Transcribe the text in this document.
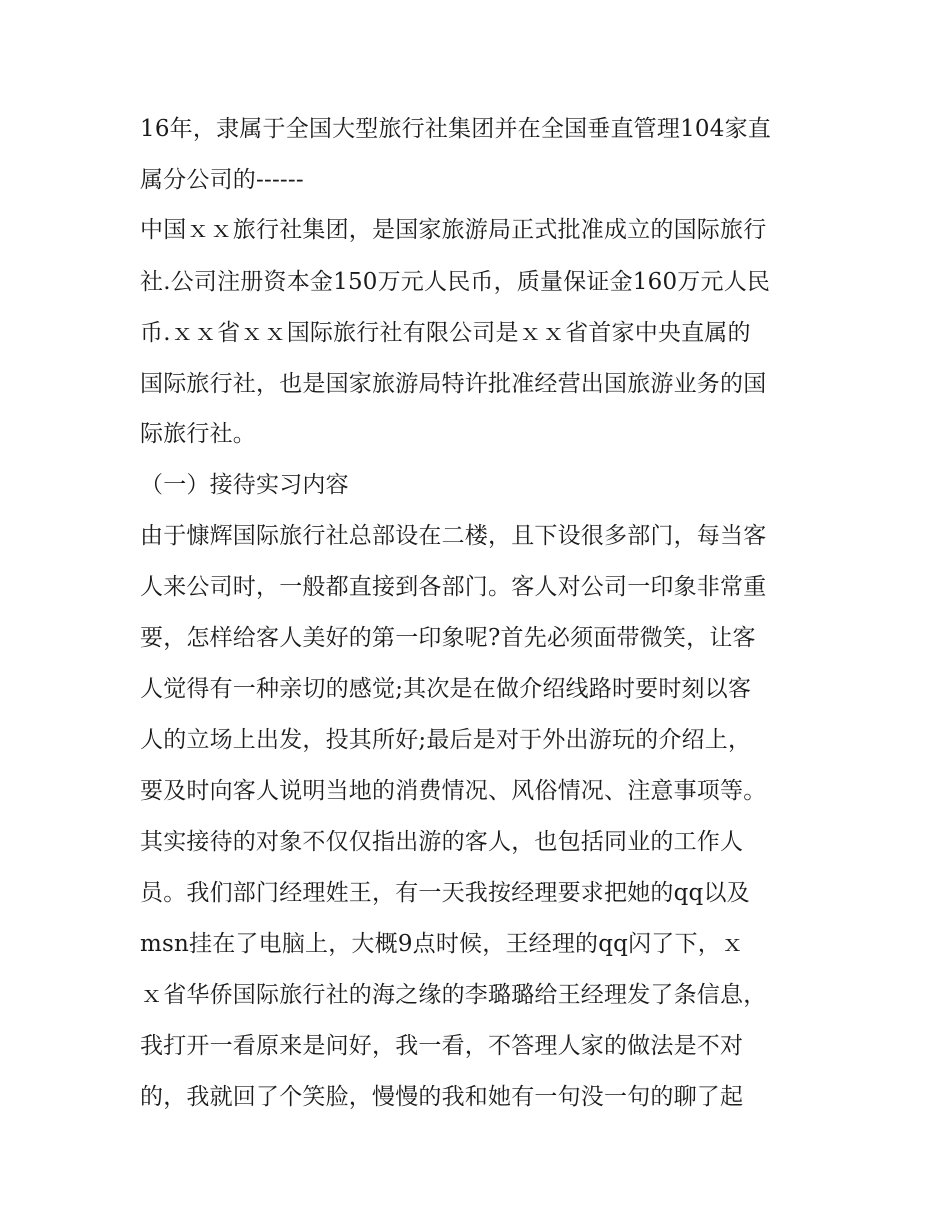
16年，隶属于全国大型旅行社集团并在全国垂直管理104家直
属分公司的------
中国ｘｘ旅行社集团，是国家旅游局正式批准成立的国际旅行
社.公司注册资本金150万元人民币，质量保证金160万元人民
币.ｘｘ省ｘｘ国际旅行社有限公司是ｘｘ省首家中央直属的
国际旅行社，也是国家旅游局特许批准经营出国旅游业务的国
际旅行社。
（一）接待实习内容
由于慷辉国际旅行社总部设在二楼，且下设很多部门，每当客
人来公司时，一般都直接到各部门。客人对公司一印象非常重
要，怎样给客人美好的第一印象呢?首先必须面带微笑，让客
人觉得有一种亲切的感觉;其次是在做介绍线路时要时刻以客
人的立场上出发，投其所好;最后是对于外出游玩的介绍上，
要及时向客人说明当地的消费情况、风俗情况、注意事项等。
其实接待的对象不仅仅指出游的客人，也包括同业的工作人
员。我们部门经理姓王，有一天我按经理要求把她的qq以及
msn挂在了电脑上，大概9点时候，王经理的qq闪了下，ｘ
ｘ省华侨国际旅行社的海之缘的李璐璐给王经理发了条信息，
我打开一看原来是问好，我一看，不答理人家的做法是不对
的，我就回了个笑脸，慢慢的我和她有一句没一句的聊了起
